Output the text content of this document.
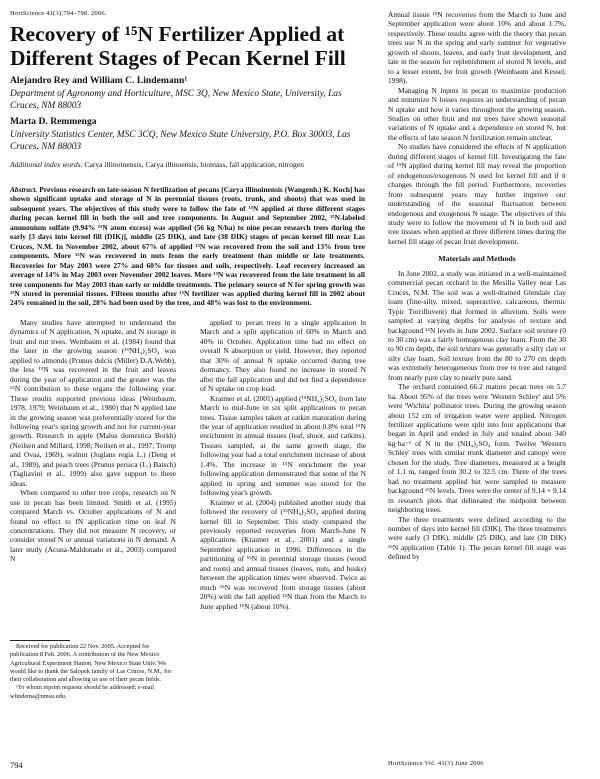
HortScience 41(3):794–798. 2006.
Recovery of ¹⁵N Fertilizer Applied at Different Stages of Pecan Kernel Fill
Alejandro Rey and William C. Lindemann¹
Department of Agronomy and Horticulture, MSC 3Q, New Mexico State, University, Las Cruces, NM 88003
Marta D. Remmenga
University Statistics Center, MSC 3CQ, New Mexico State University, P.O. Box 30003, Las Cruces, NM 88003
Additional index words. Carya illinoinensis, Carya illinoensis, biomass, fall application, nitrogen

Abstract. Previous research on late-season N fertilization of pecans [Carya illinoinensis (Wangenh.) K. Koch] has shown significant uptake and storage of N in perennial tissues (roots, trunk, and shoots) that was used in subsequent years. The objectives of this study were to follow the fate of ¹⁵N applied at three different stages during pecan kernel fill in both the soil and tree components. In August and September 2002, ¹⁵N-labeled ammonium sulfate (9.94% ¹⁵N atom excess) was applied (56 kg N/ha) to nine pecan research trees during the early [3 days into kernel fill (DIK)], middle (25 DIK), and late (38 DIK) stages of pecan kernel fill near Las Cruces, N.M. In November 2002, about 67% of applied ¹⁵N was recovered from the soil and 13% from tree components. More ¹⁵N was recovered in nuts from the early treatment than middle or late treatments. Recoveries for May 2003 were 27% and 60% for tissues and soils, respectively. Leaf recovery increased an average of 14% in May 2003 over November 2002 leaves. More ¹⁵N was recovered from the late treatment in all tree components for May 2003 than early or middle treatments. The primary source of N for spring growth was ¹⁵N stored in perennial tissues. Fifteen months after ¹⁵N fertilizer was applied during kernel fill in 2002 about 24% remained in the soil, 28% had been used by the tree, and 48% was lost to the environment.

Many studies have attempted to understand the dynamics of N application, N uptake, and N storage in fruit and nut trees. Weinbaum et al. (1984) found that the later in the growing season (¹⁵NH₄)₂SO₄ was applied to almonds (Prunus dulcis (Miller) D.A.Webb), the less ¹⁵N was recovered in the fruit and leaves during the year of application and the greater was the ¹⁵N contribution to these organs the following year. These results supported previous ideas (Weinbaum, 1978, 1979; Weinbaum et al., 1980) that N applied late in the growing season was preferentially stored for the following year's spring growth and not for current-year growth. Research in apple (Malus domestica Borkh) (Neilsen and Millard, 1998; Neilsen et al., 1997; Tromp and Ovaa, 1969), walnut (Juglans regia L.) (Deng et al., 1989), and peach trees (Prunus persica (L.) Batsch) (Tagliavini et al., 1999) also gave support to these ideas.

When compared to other tree crops, research on N use in pecan has been limited. Smith et al. (1995) compared March vs. October applications of N and found no effect to fN application time on leaf N concentrations. They did not measure N recovery, or consider stored N or annual variations in N demand. A later study (Acuna-Maldonado et al., 2003) compared N

applied to pecan trees in a single application in March and a split application of 60% in March and 40% in October. Application time had no effect on overall N absorption or yield. However, they reported that 30% of annual N uptake occurred during tree dormancy. They also found no increase in stored N after the fall application and did not find a dependence of N uptake on crop load.

Kraimer et al. (2001) applied (¹⁵NH₄)₂SO₄ from late March to mid-June in six split applications to pecan trees. Tissue samples taken at catkin maturation during the year of application resulted in about 0.8% total ¹⁵N enrichment in annual tissues (leaf, shoot, and catkins). Tissues sampled, at the same growth stage, the following year had a total enrichment increase of about 1.4%. The increase in ¹⁵N enrichment the year following application demonstrated that some of the N applied in spring and summer was stored for the following year's growth.

Kraimer et al. (2004) published another study that followed the recovery of (¹⁵NH₄)₂SO₄ applied during kernel fill in September. This study compared the previously reported recoveries from March-June N applications (Kraimer et al., 2001) and a single September application in 1996. Differences in the partitioning of ¹⁵N in perennial storage tissues (wood and roots) and annual tissues (leaves, nuts, and husks) between the application times were observed. Twice as much ¹⁵N was recovered from storage tissues (about 20%) with the fall applied ¹⁵N than from the March to June applied ¹⁵N (about 10%).

Annual tissue ¹⁵N recoveries from the March to June and September application were about 10% and about 1.7%, respectively. These results agree with the theory that pecan trees use N in the spring and early summer for vegetative growth of shoots, leaves, and early fruit development, and late in the season for replenishment of stored N levels, and to a lesser extent, for fruit growth (Weinbaum and Kessel, 1998).

Managing N inputs in pecan to maximize production and minimize N losses requires an understanding of pecan N uptake and how it varies throughout the growing season. Studies on other fruit and nut trees have shown seasonal variations of N uptake and a dependence on stored N, but the effects of late season N fertilization remain unclear.

No studies have considered the effects of N application during different stages of kernel fill. Investigating the fate of ¹⁵N applied during kernel fill may reveal the proportion of endogenous/exogenous N used for kernel fill and if it changes through the fill period. Furthermore, recoveries from subsequent years may further improve our understanding of the seasonal fluctuation between endogenous and exogenous N usage. The objectives of this study were to follow the movement of N in both soil and tree tissues when applied at three different times during the kernel fill stage of pecan fruit development.

Materials and Methods

In June 2002, a study was initiated in a well-maintained commercial pecan orchard in the Mesilla Valley near Las Cruces, N.M. The soil was a well-drained Glendale clay loam (fine-silty, mixed, superactive, calcareous, thermic Typic Torrifluvent) that formed in alluvium. Soils were sampled at varying depths for analysis of texture and background ¹⁵N levels in June 2002. Surface soil texture (0 to 30 cm) was a fairly homogenous clay loam. From the 30 to 90 cm depth, the soil texture was generally a silty clay or silty clay loam. Soil texture from the 80 to 270 cm depth was extremely heterogeneous from tree to tree and ranged from nearly pure clay to nearly pure sand.

The orchard contained 66.2 mature pecan trees on 5.7 ha. About 95% of the trees were 'Western Schley' and 5% were 'Wichita' pollinator trees. During the growing season about 152 cm of irrigation water were applied. Nitrogen fertilizer applications were split into four applications that began in April and ended in July and totaled about 340 kg·ha⁻¹ of N in the (NH₄)₂SO₄ form. Twelve 'Western Schley' trees with similar trunk diameter and canopy were chosen for the study. Tree diameters, measured at a height of 1.1 m, ranged from 30.2 to 32.5 cm. Three of the trees had no treatment applied but were sampled to measure background ¹⁵N levels. Trees were the center of 9.14 × 9.14 m research plots that delineated the midpoint between neighboring trees.

The three treatments were defined according to the number of days into kernel fill (DIK). The three treatments were early (3 DIK), middle (25 DIK), and late (38 DIK) ¹⁵N application (Table 1). The pecan kernel fill stage was defined by

Received for publication 22 Nov. 2005. Accepted for publication 8 Feb. 2006. A contribution of the New Mexico Agricultural Experiment Station, New Mexico State Univ. We would like to thank the Salopek family of Las Cruces, N.M., for their collaboration and allowing us use of their pecan fields.

¹To whom reprint requests should be addressed; e-mail wlindema@nmsu.edu.

794	HortScience Vol. 41(3) June 2006
